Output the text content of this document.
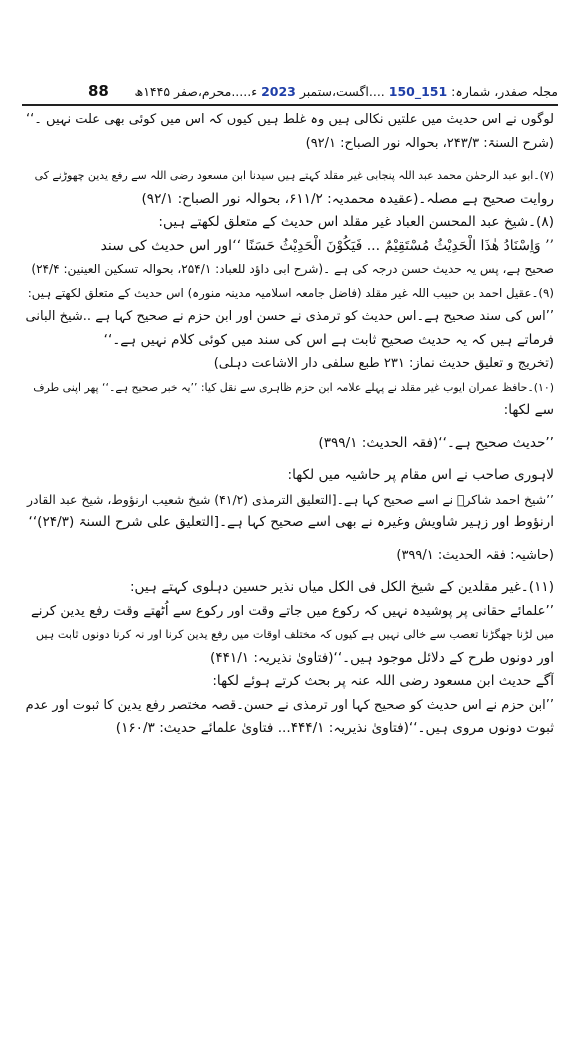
88	مجلہ صفدر، شمارہ: 151_150 ....اگست،ستمبر 2023 ء.....محرم،صفر ۱۴۴۵ھ
لوگوں نے اس حدیث میں علتیں نکالی ہیں وہ غلط ہیں کیوں کہ اس میں کوئی بھی علت نہیں ۔‘‘
(شرح السنۃ: ۲۴۳/۳، بحوالہ نور الصباح: ۹۲/۱)
(۷)۔ابو عبد الرحمٰن محمد عبد اللہ پنجابی غیر مقلد کہتے ہیں سیدنا ابن مسعود رضی اللہ سے رفع یدین چھوڑنے کی
روایت صحیح ہے مصلہ۔(عقیدہ محمدیہ: ۶۱۱/۲، بحوالہ نور الصباح: ۹۲/۱)
(۸)۔شیخ عبد المحسن العباد غیر مقلد اس حدیث کے متعلق لکھتے ہیں:
’’ وَاِسْنَادُ هٰذَا الْحَدِیْثُ مُسْتَقِیْمٌ ... فَیَکُوْنَ الْحَدِیْثُ حَسَنًا ‘‘اور اس حدیث کی سند
صحیح ہے، پس یہ حدیث حسن درجہ کی ہے ۔(شرح ابی داؤد للعباد: ۲۵۴/۱، بحوالہ تسکین العینین: ۲۴/۴)
(۹)۔عقیل احمد بن حبیب اللہ غیر مقلد (فاضل جامعہ اسلامیہ مدینہ منورہ) اس حدیث کے متعلق لکھتے ہیں:
’’اس کی سند صحیح ہے۔اس حدیث کو ترمذی نے حسن اور ابن حزم نے صحیح کہا ہے ..شیخ البانی
فرماتے ہیں کہ یہ حدیث صحیح ثابت ہے اس کی سند میں کوئی کلام نہیں ہے۔‘‘
(تخریج و تعلیق حدیث نماز: ۲۳۱ طبع سلفی دار الاشاعت دہلی)
(۱۰)۔حافظ عمران ایوب غیر مقلد نے پہلے علامہ ابن حزم ظاہری سے نقل کیا: ’’یہ خبر صحیح ہے۔‘‘ پھر اپنی طرف
سے لکھا:
’’حدیث صحیح ہے۔‘‘(فقہ الحدیث: ۳۹۹/۱)
لاہوری صاحب نے اس مقام پر حاشیہ میں لکھا:
’’شیخ احمد شاکرؒ نے اسے صحیح کہا ہے۔[التعلیق الترمذی (۴۱/۲) شیخ شعیب ارنؤوط، شیخ عبد القادر
ارنؤوط اور زہیر شاویش وغیرہ نے بھی اسے صحیح کہا ہے۔[التعلیق علی شرح السنۃ (۲۴/۳)‘‘
(حاشیہ: فقہ الحدیث: ۳۹۹/۱)
(۱۱)۔غیر مقلدین کے شیخ الکل فی الکل میاں نذیر حسین دہلوی کہتے ہیں:
’’علمائے حقانی پر پوشیدہ نہیں کہ رکوع میں جاتے وقت اور رکوع سے اُٹھتے وقت رفع یدین کرنے
میں لڑنا جھگڑنا تعصب سے خالی نہیں ہے کیوں کہ مختلف اوقات میں رفع یدین کرنا اور نہ کرنا دونوں ثابت ہیں
اور دونوں طرح کے دلائل موجود ہیں۔‘‘(فتاویٰ نذیریہ: ۴۴۱/۱)
آگے حدیث ابن مسعود رضی اللہ عنہ پر بحث کرتے ہوئے لکھا:
’’ابن حزم نے اس حدیث کو صحیح کہا اور ترمذی نے حسن۔قصہ مختصر رفع یدین کا ثبوت اور عدم
ثبوت دونوں مروی ہیں۔‘‘(فتاویٰ نذیریہ: ۴۴۴/۱... فتاویٰ علمائے حدیث: ۱۶۰/۳)
